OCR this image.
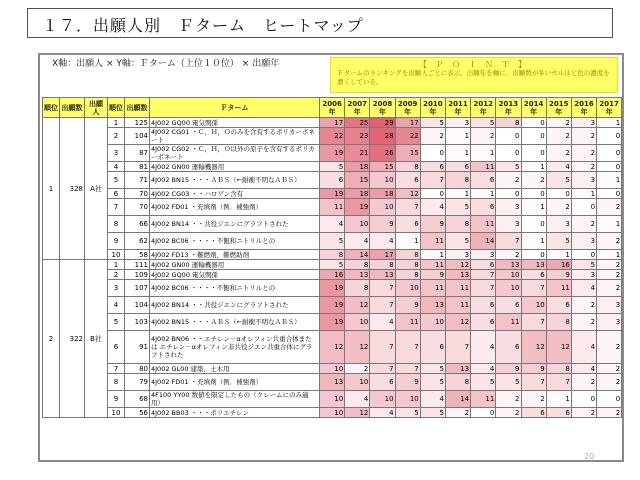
１７．出願人別　Ｆターム　ヒートマップ
X軸：出願人 × Y軸：Ｆターム（上位１０位） × 出願年	【 Ｐ Ｏ Ｉ Ｎ Ｔ 】
Ｆタームのランキングを出願人ごとに表示。出願年を軸に、出願数が多いセルほど色の濃度を濃くしている。
順位	出願数	出願人	順位	出願数	Ｆターム	2006年	2007年	2008年	2009年	2010年	2011年	2012年	2013年	2014年	2015年	2016年	2017年
1	328	A社	1	125	4J002 GQ00 電気関係	17	25	29	17	5	3	5	8	0	2	3	1
			2	104	4J002 CG01 ・Ｃ，Ｈ，Ｏのみを含有するポリカーボネート	22	23	28	22	2	1	2	0	0	2	2	0
			3	87	4J002 CG02 ・Ｃ，Ｈ，Ｏ以外の原子を含有するポリカーボネート	19	21	26	15	0	1	1	0	0	2	2	0
			4	81	4J002 GN00 運輸機器用	5	18	15	8	6	6	11	5	1	4	2	0
			5	71	4J002 BN15 ・・・ＡＢＳ（←耐衝不明なＡＢＳ）	6	15	10	6	7	8	6	2	2	5	3	1
			6	70	4J002 CG03 ・・ハロゲン含有	19	18	18	12	0	1	1	0	0	0	1	0
			7	70	4J002 FD01 ・充填剤（例．補強剤）	11	19	10	7	4	5	6	3	1	2	0	2
			8	66	4J002 BN14 ・・共役ジエンにグラフトされた	4	10	9	6	9	8	11	3	0	3	2	1
			9	62	4J002 BC06 ・・・・不飽和ニトリルとの	5	4	4	1	11	5	14	7	1	5	3	2
			10	58	4J002 FD13 ・難燃剤，難燃助剤	8	14	17	8	1	3	3	2	0	1	0	1
2	322	B社	1	111	4J002 GN00 運輸機器用	5	8	8	8	11	12	6	13	13	16	5	2
			2	109	4J002 GQ00 電気関係	16	13	13	8	9	13	7	10	6	9	3	2
			3	107	4J002 BC06 ・・・・不飽和ニトリルとの	19	8	7	10	11	11	7	10	7	11	4	2
			4	104	4J002 BN14 ・・共役ジエンにグラフトされた	19	12	7	9	13	11	6	6	10	6	2	3
			5	103	4J002 BN15 ・・・ＡＢＳ（←耐衝不明なＡＢＳ）	19	10	4	11	10	12	6	11	7	8	2	3
			6	91	4J002 BN06 ・・エチレン－αオレフィン共重合体または エチレン－αオレフィン非共役ジエン共重合体にグラフトされた	12	12	7	7	6	7	4	6	12	12	4	2
			7	80	4J002 GL00 建築，土木用	10	2	7	7	5	13	4	9	9	8	4	2
			8	79	4J002 FD01 ・充填剤（例．補強剤）	13	10	6	9	5	8	5	5	7	7	2	2
			9	68	4F100 YY00 数値を限定したもの（クレームにのみ適用）	10	4	10	10	4	14	11	2	2	1	0	0
			10	56	4J002 BB03 ・・・ポリエチレン	10	12	4	5	5	2	0	2	6	6	2	2
20
